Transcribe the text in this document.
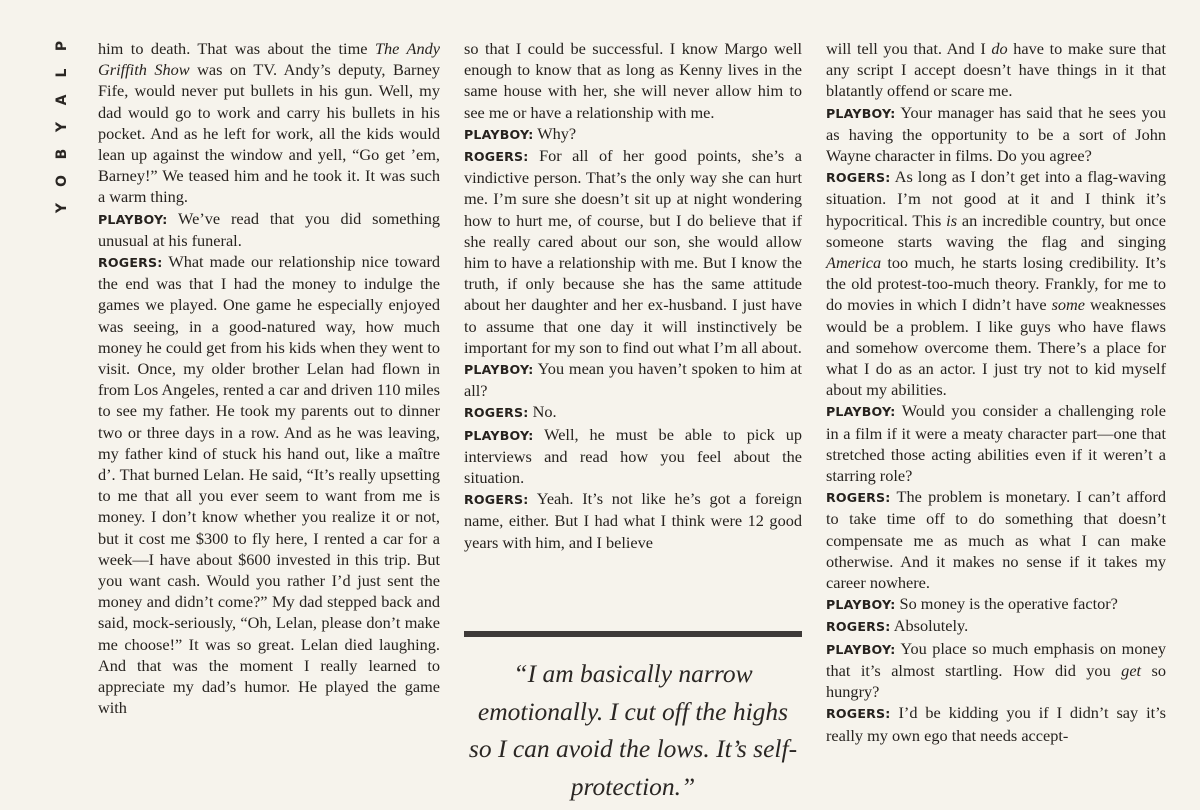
P
L
A
Y
B
O
Y

him to death. That was about the time The Andy Griffith Show was on TV. Andy’s deputy, Barney Fife, would never put bullets in his gun. Well, my dad would go to work and carry his bullets in his pocket. And as he left for work, all the kids would lean up against the window and yell, “Go get ’em, Barney!” We teased him and he took it. It was such a warm thing.

PLAYBOY: We’ve read that you did something unusual at his funeral.

ROGERS: What made our relationship nice toward the end was that I had the money to indulge the games we played. One game he especially enjoyed was seeing, in a good-natured way, how much money he could get from his kids when they went to visit. Once, my older brother Lelan had flown in from Los Angeles, rented a car and driven 110 miles to see my father. He took my parents out to dinner two or three days in a row. And as he was leaving, my father kind of stuck his hand out, like a maître d’. That burned Lelan. He said, “It’s really upsetting to me that all you ever seem to want from me is money. I don’t know whether you realize it or not, but it cost me $300 to fly here, I rented a car for a week—I have about $600 invested in this trip. But you want cash. Would you rather I’d just sent the money and didn’t come?” My dad stepped back and said, mock-seriously, “Oh, Lelan, please don’t make me choose!” It was so great. Lelan died laughing. And that was the moment I really learned to appreciate my dad’s humor. He played the game with

so that I could be successful. I know Margo well enough to know that as long as Kenny lives in the same house with her, she will never allow him to see me or have a relationship with me.

PLAYBOY: Why?

ROGERS: For all of her good points, she’s a vindictive person. That’s the only way she can hurt me. I’m sure she doesn’t sit up at night wondering how to hurt me, of course, but I do believe that if she really cared about our son, she would allow him to have a relationship with me. But I know the truth, if only because she has the same attitude about her daughter and her ex-husband. I just have to assume that one day it will instinctively be important for my son to find out what I’m all about.

PLAYBOY: You mean you haven’t spoken to him at all?

ROGERS: No.

PLAYBOY: Well, he must be able to pick up interviews and read how you feel about the situation.

ROGERS: Yeah. It’s not like he’s got a foreign name, either. But I had what I think were 12 good years with him, and I believe

will tell you that. And I do have to make sure that any script I accept doesn’t have things in it that blatantly offend or scare me.

PLAYBOY: Your manager has said that he sees you as having the opportunity to be a sort of John Wayne character in films. Do you agree?

ROGERS: As long as I don’t get into a flag-waving situation. I’m not good at it and I think it’s hypocritical. This is an incredible country, but once someone starts waving the flag and singing America too much, he starts losing credibility. It’s the old protest-too-much theory. Frankly, for me to do movies in which I didn’t have some weaknesses would be a problem. I like guys who have flaws and somehow overcome them. There’s a place for what I do as an actor. I just try not to kid myself about my abilities.

PLAYBOY: Would you consider a challenging role in a film if it were a meaty character part—one that stretched those acting abilities even if it weren’t a starring role?

ROGERS: The problem is monetary. I can’t afford to take time off to do something that doesn’t compensate me as much as what I can make otherwise. And it makes no sense if it takes my career nowhere.

PLAYBOY: So money is the operative factor?

ROGERS: Absolutely.

PLAYBOY: You place so much emphasis on money that it’s almost startling. How did you get so hungry?

ROGERS: I’d be kidding you if I didn’t say it’s really my own ego that needs accept-

“I am basically narrow emotionally. I cut off the highs so I can avoid the lows. It’s self-protection.”
